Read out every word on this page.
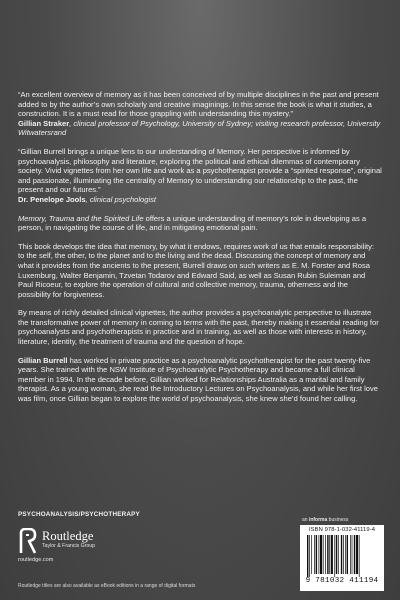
“An excellent overview of memory as it has been conceived of by multiple disciplines in the past and present added to by the author’s own scholarly and creative imaginings. In this sense the book is what it studies, a construction. It is a must read for those grappling with understanding this mystery.”
Gillian Straker, clinical professor of Psychology, University of Sydney; visiting research professor, University Witwatersrand
“Gillian Burrell brings a unique lens to our understanding of Memory. Her perspective is informed by psychoanalysis, philosophy and literature, exploring the political and ethical dilemmas of contemporary society. Vivid vignettes from her own life and work as a psychotherapist provide a “spirited response”, original and passionate, illuminating the centrality of Memory to understanding our relationship to the past, the present and our futures.”
Dr. Penelope Jools, clinical psychologist

Memory, Trauma and the Spirited Life offers a unique understanding of memory’s role in developing as a person, in navigating the course of life, and in mitigating emotional pain.

This book develops the idea that memory, by what it endows, requires work of us that entails responsibility: to the self, the other, to the planet and to the living and the dead. Discussing the concept of memory and what it provides from the ancients to the present, Burrell draws on such writers as E. M. Forster and Rosa Luxemburg, Walter Benjamin, Tzvetan Todarov and Edward Said, as well as Susan Rubin Suleiman and Paul Ricoeur, to explore the operation of cultural and collective memory, trauma, otherness and the possibility for forgiveness.

By means of richly detailed clinical vignettes, the author provides a psychoanalytic perspective to illustrate the transformative power of memory in coming to terms with the past, thereby making it essential reading for psychoanalysts and psychotherapists in practice and in training, as well as those with interests in history, literature, identity, the treatment of trauma and the question of hope.

Gillian Burrell has worked in private practice as a psychoanalytic psychotherapist for the past twenty-five years. She trained with the NSW Institute of Psychoanalytic Psychotherapy and became a full clinical member in 1994. In the decade before, Gillian worked for Relationships Australia as a marital and family therapist. As a young woman, she read the Introductory Lectures on Psychoanalysis, and while her first love was film, once Gillian began to explore the world of psychoanalysis, she knew she’d found her calling.

PSYCHOANALYSIS/PSYCHOTHERAPY
Routledge
Taylor & Francis Group
routledge.com
an informa business
ISBN 978-1-032-41119-4
9 781032 411194
Routledge titles are also available as eBook editions in a range of digital formats
